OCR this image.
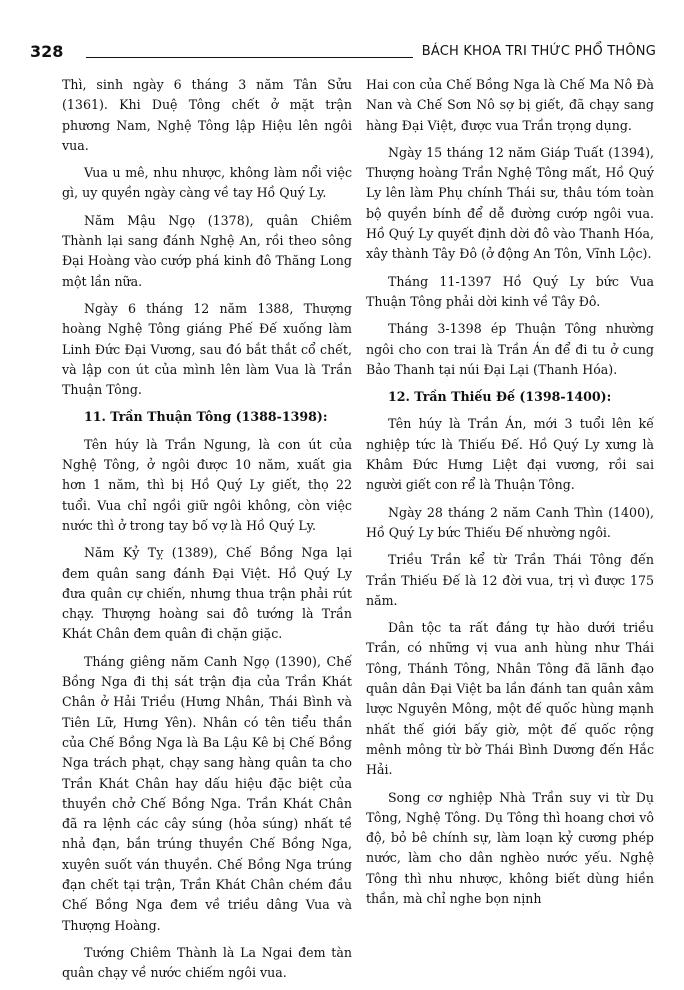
328	BÁCH KHOA TRI THỨC PHỔ THÔNG

Thì, sinh ngày 6 tháng 3 năm Tân Sửu (1361). Khi Duệ Tông chết ở mặt trận phương Nam, Nghệ Tông lập Hiệu lên ngôi vua.

Vua u mê, nhu nhược, không làm nổi việc gì, uy quyền ngày càng về tay Hồ Quý Ly.

Năm Mậu Ngọ (1378), quân Chiêm Thành lại sang đánh Nghệ An, rồi theo sông Đại Hoàng vào cướp phá kinh đô Thăng Long một lần nữa.

Ngày 6 tháng 12 năm 1388, Thượng hoàng Nghệ Tông giáng Phế Đế xuống làm Linh Đức Đại Vương, sau đó bắt thắt cổ chết, và lập con út của mình lên làm Vua là Trần Thuận Tông.

11. Trần Thuận Tông (1388-1398):

Tên húy là Trần Ngung, là con út của Nghệ Tông, ở ngôi được 10 năm, xuất gia hơn 1 năm, thì bị Hồ Quý Ly giết, thọ 22 tuổi. Vua chỉ ngồi giữ ngôi không, còn việc nước thì ở trong tay bố vợ là Hồ Quý Ly.

Năm Kỷ Tỵ (1389), Chế Bồng Nga lại đem quân sang đánh Đại Việt. Hồ Quý Ly đưa quân cự chiến, nhưng thua trận phải rút chạy. Thượng hoàng sai đô tướng là Trần Khát Chân đem quân đi chặn giặc.

Tháng giêng năm Canh Ngọ (1390), Chế Bồng Nga đi thị sát trận địa của Trần Khát Chân ở Hải Triều (Hưng Nhân, Thái Bình và Tiên Lữ, Hưng Yên). Nhân có tên tiểu thần của Chế Bồng Nga là Ba Lậu Kê bị Chế Bồng Nga trách phạt, chạy sang hàng quân ta cho Trần Khát Chân hay dấu hiệu đặc biệt của thuyền chở Chế Bồng Nga. Trần Khát Chân đã ra lệnh các cây súng (hỏa súng) nhất tề nhả đạn, bắn trúng thuyền Chế Bồng Nga, xuyên suốt ván thuyền. Chế Bồng Nga trúng đạn chết tại trận, Trần Khát Chân chém đầu Chế Bồng Nga đem về triều dâng Vua và Thượng Hoàng.

Tướng Chiêm Thành là La Ngai đem tàn quân chạy về nước chiếm ngôi vua.

Hai con của Chế Bồng Nga là Chế Ma Nô Đà Nan và Chế Sơn Nô sợ bị giết, đã chạy sang hàng Đại Việt, được vua Trần trọng dụng.

Ngày 15 tháng 12 năm Giáp Tuất (1394), Thượng hoàng Trần Nghệ Tông mất, Hồ Quý Ly lên làm Phụ chính Thái sư, thâu tóm toàn bộ quyền bính để dễ đường cướp ngôi vua. Hồ Quý Ly quyết định dời đô vào Thanh Hóa, xây thành Tây Đô (ở động An Tôn, Vĩnh Lộc).

Tháng 11-1397 Hồ Quý Ly bức Vua Thuận Tông phải dời kinh về Tây Đô.

Tháng 3-1398 ép Thuận Tông nhường ngôi cho con trai là Trần Án để đi tu ở cung Bảo Thanh tại núi Đại Lại (Thanh Hóa).

12. Trần Thiếu Đế (1398-1400):

Tên húy là Trần Án, mới 3 tuổi lên kế nghiệp tức là Thiếu Đế. Hồ Quý Ly xưng là Khâm Đức Hưng Liệt đại vương, rồi sai người giết con rể là Thuận Tông.

Ngày 28 tháng 2 năm Canh Thìn (1400), Hồ Quý Ly bức Thiếu Đế nhường ngôi.

Triều Trần kể từ Trần Thái Tông đến Trần Thiếu Đế là 12 đời vua, trị vì được 175 năm.

Dân tộc ta rất đáng tự hào dưới triều Trần, có những vị vua anh hùng như Thái Tông, Thánh Tông, Nhân Tông đã lãnh đạo quân dân Đại Việt ba lần đánh tan quân xâm lược Nguyên Mông, một đế quốc hùng mạnh nhất thế giới bấy giờ, một đế quốc rộng mênh mông từ bờ Thái Bình Dương đến Hắc Hải.

Song cơ nghiệp Nhà Trần suy vi từ Dụ Tông, Nghệ Tông. Dụ Tông thì hoang chơi vô độ, bỏ bê chính sự, làm loạn kỷ cương phép nước, làm cho dân nghèo nước yếu. Nghệ Tông thì nhu nhược, không biết dùng hiền thần, mà chỉ nghe bọn nịnh
